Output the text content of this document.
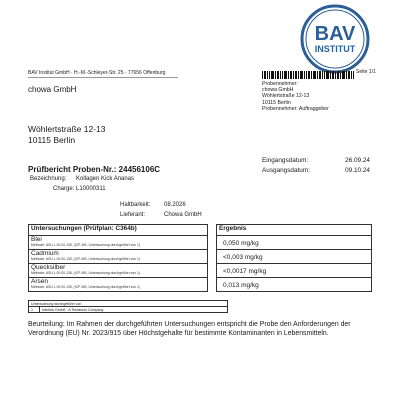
BAV
INSTITUT
BAV Institut GmbH · H.-M.-Schleyer-Str. 25 · 77656 Offenburg
chowa GmbH
Wöhlertstraße 12-13
10115 Berlin
Seite 1/1
Probennehmer:
chowa GmbH
Wöhlertstraße 12-13
10115 Berlin
Probennehmer: Auftraggeber
Eingangsdatum:	26.09.24
Ausgangsdatum:	09.10.24
Prüfbericht Proben-Nr.: 24456106C
Bezeichnung: Kollagen Kick Ananas
Charge: L10000311
Haltbarkeit: 08.2026
Lieferant:	Chowa GmbH
Untersuchungen (Prüfplan: C364b)		Ergebnis

Blei
Methode: ASU L 00.00-135, (ICP-MS, Untersuchung durchgeführt von 1)		0,050 mg/kg

Cadmium
Methode: ASU L 00.00-135, (ICP-MS, Untersuchung durchgeführt von 1)		<0,003 mg/kg

Quecksilber
Methode: ASU L 00.00-135, (ICP-MS, Untersuchung durchgeführt von 1)		<0,0017 mg/kg

Arsen
Methode: ASU L 00.00-135, (ICP-MS, Untersuchung durchgeführt von 1)		0,013 mg/kg
Untersuchung durchgeführt von
1	Intertek GmbH · A Tentamus Company
Beurteilung: Im Rahmen der durchgeführten Untersuchungen entspricht die Probe den Anforderungen der Verordnung (EU) Nr. 2023/915 über Höchstgehalte für bestimmte Kontaminanten in Lebensmitteln.
